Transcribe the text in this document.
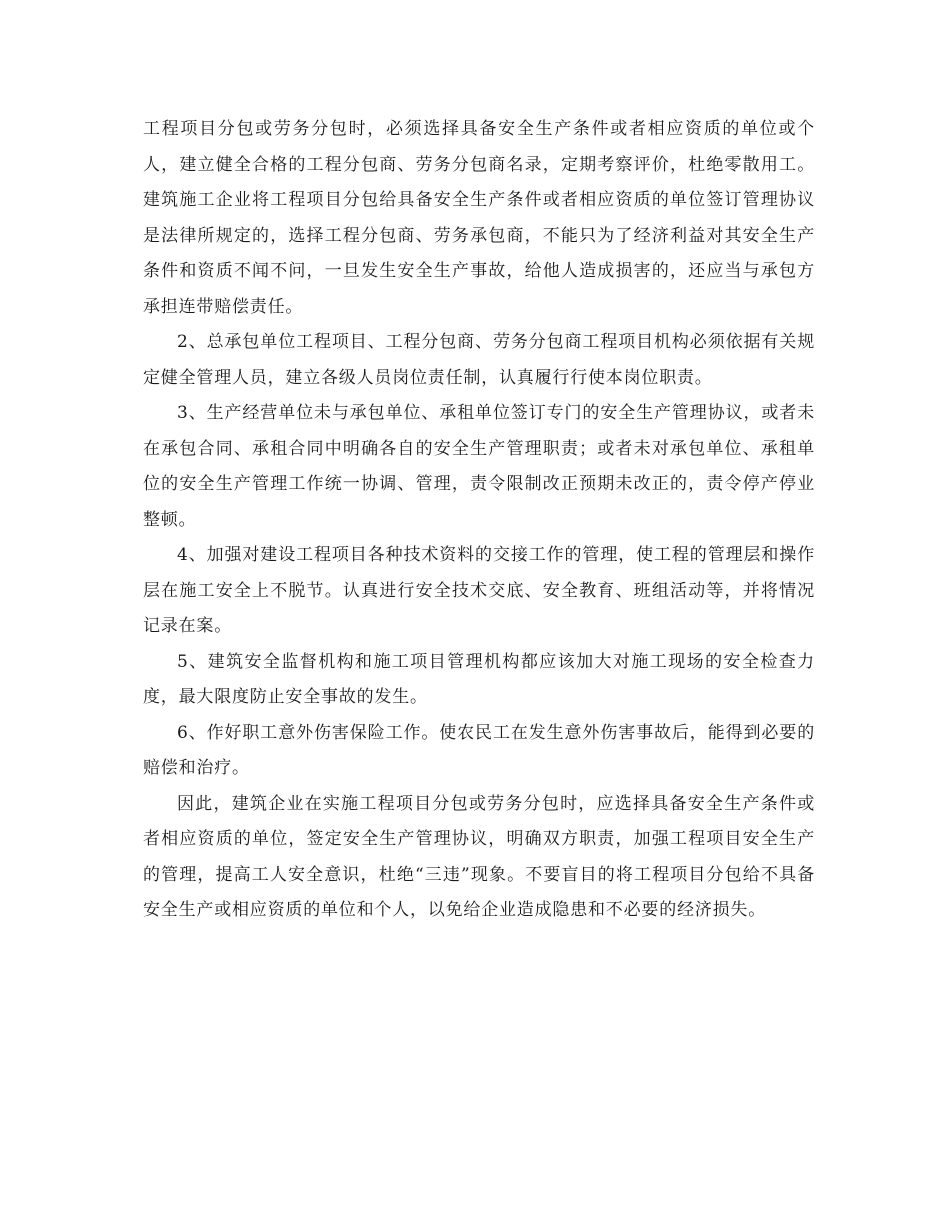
工程项目分包或劳务分包时，必须选择具备安全生产条件或者相应资质的单位或个人，建立健全合格的工程分包商、劳务分包商名录，定期考察评价，杜绝零散用工。建筑施工企业将工程项目分包给具备安全生产条件或者相应资质的单位签订管理协议是法律所规定的，选择工程分包商、劳务承包商，不能只为了经济利益对其安全生产条件和资质不闻不问，一旦发生安全生产事故，给他人造成损害的，还应当与承包方承担连带赔偿责任。

2、总承包单位工程项目、工程分包商、劳务分包商工程项目机构必须依据有关规定健全管理人员，建立各级人员岗位责任制，认真履行行使本岗位职责。

3、生产经营单位未与承包单位、承租单位签订专门的安全生产管理协议，或者未在承包合同、承租合同中明确各自的安全生产管理职责；或者未对承包单位、承租单位的安全生产管理工作统一协调、管理，责令限制改正预期未改正的，责令停产停业整顿。

4、加强对建设工程项目各种技术资料的交接工作的管理，使工程的管理层和操作层在施工安全上不脱节。认真进行安全技术交底、安全教育、班组活动等，并将情况记录在案。

5、建筑安全监督机构和施工项目管理机构都应该加大对施工现场的安全检查力度，最大限度防止安全事故的发生。

6、作好职工意外伤害保险工作。使农民工在发生意外伤害事故后，能得到必要的赔偿和治疗。

因此，建筑企业在实施工程项目分包或劳务分包时，应选择具备安全生产条件或者相应资质的单位，签定安全生产管理协议，明确双方职责，加强工程项目安全生产的管理，提高工人安全意识，杜绝“三违”现象。不要盲目的将工程项目分包给不具备安全生产或相应资质的单位和个人，以免给企业造成隐患和不必要的经济损失。
